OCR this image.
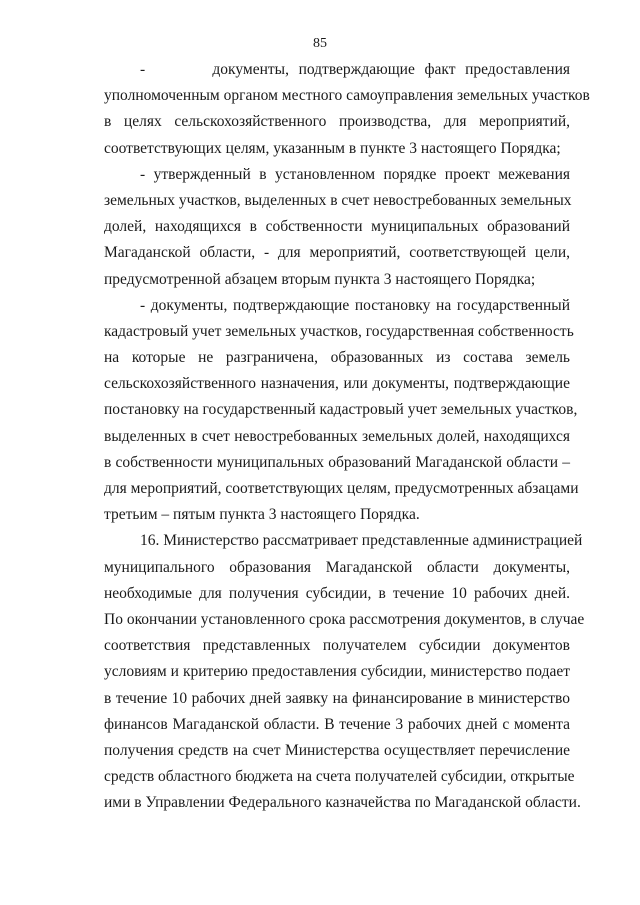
85
-       документы, подтверждающие факт предоставления
уполномоченным органом местного самоуправления земельных участков
в целях сельскохозяйственного производства, для мероприятий,
соответствующих целям, указанным в пункте 3 настоящего Порядка;
- утвержденный в установленном порядке проект межевания
земельных участков, выделенных в счет невостребованных земельных
долей, находящихся в собственности муниципальных образований
Магаданской области, - для мероприятий, соответствующей цели,
предусмотренной абзацем вторым пункта 3 настоящего Порядка;
- документы, подтверждающие постановку на государственный
кадастровый учет земельных участков, государственная собственность
на которые не разграничена, образованных из состава земель
сельскохозяйственного назначения, или документы, подтверждающие
постановку на государственный кадастровый учет земельных участков,
выделенных в счет невостребованных земельных долей, находящихся
в собственности муниципальных образований Магаданской области –
для мероприятий, соответствующих целям, предусмотренных абзацами
третьим – пятым пункта 3 настоящего Порядка.
16. Министерство рассматривает представленные администрацией
муниципального образования Магаданской области документы,
необходимые для получения субсидии, в течение 10 рабочих дней.
По окончании установленного срока рассмотрения документов, в случае
соответствия представленных получателем субсидии документов
условиям и критерию предоставления субсидии, министерство подает
в течение 10 рабочих дней заявку на финансирование в министерство
финансов Магаданской области. В течение 3 рабочих дней с момента
получения средств на счет Министерства осуществляет перечисление
средств областного бюджета на счета получателей субсидии, открытые
ими в Управлении Федерального казначейства по Магаданской области.
